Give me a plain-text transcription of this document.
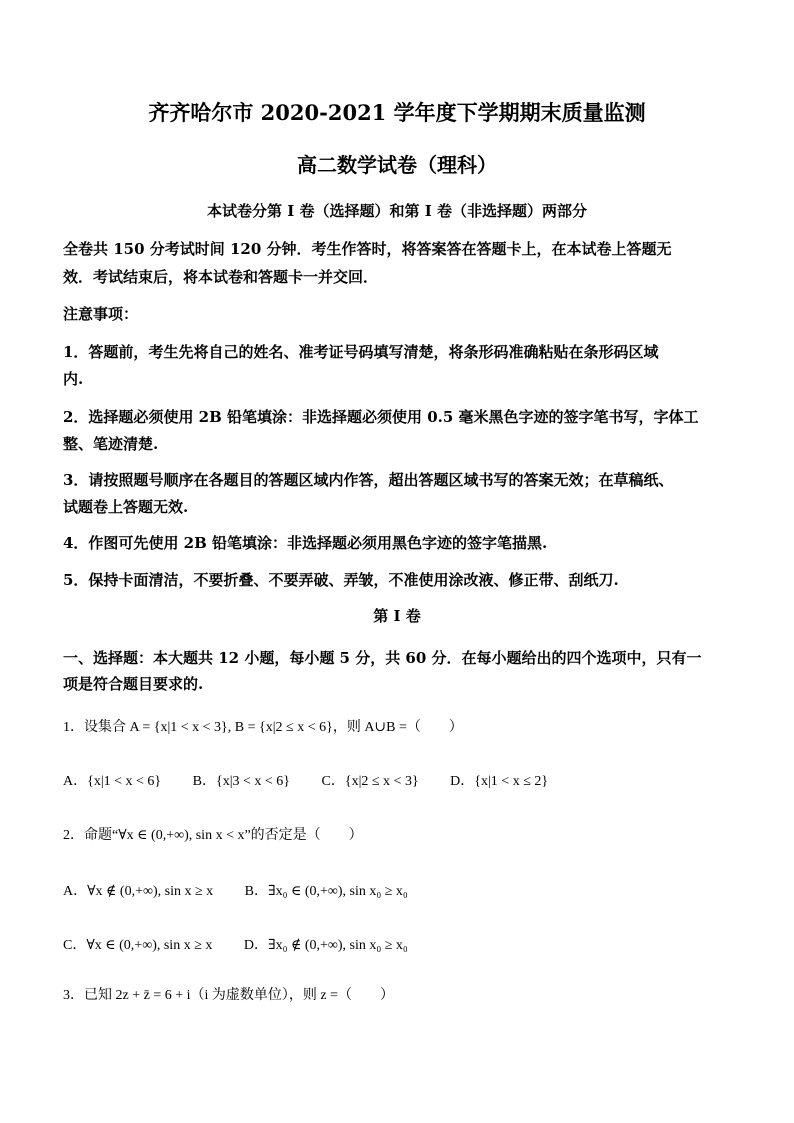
齐齐哈尔市 2020-2021 学年度下学期期末质量监测
高二数学试卷（理科）
本试卷分第 I 卷（选择题）和第 I 卷（非选择题）两部分
全卷共 150 分考试时间 120 分钟．考生作答时，将答案答在答题卡上，在本试卷上答题无
效．考试结束后，将本试卷和答题卡一并交回．
注意事项：
1．答题前，考生先将自己的姓名、准考证号码填写清楚，将条形码准确粘贴在条形码区域
内.
2．选择题必须使用 2B 铅笔填涂：非选择题必须使用 0.5 毫米黑色字迹的签字笔书写，字体工
整、笔迹清楚.
3．请按照题号顺序在各题目的答题区域内作答，超出答题区域书写的答案无效；在草稿纸、
试题卷上答题无效.
4．作图可先使用 2B 铅笔填涂：非选择题必须用黑色字迹的签字笔描黑.
5．保持卡面清洁，不要折叠、不要弄破、弄皱，不准使用涂改液、修正带、刮纸刀.
第 I 卷
一、选择题：本大题共 12 小题，每小题 5 分，共 60 分．在每小题给出的四个选项中，只有一
项是符合题目要求的.
1．设集合 A = {x|1 < x < 3}, B = {x|2 ≤ x < 6}，则 A∪B =（　　）
A．{x|1 < x < 6}　　 B．{x|3 < x < 6}　　 C．{x|2 ≤ x < 3}　　 D．{x|1 < x ≤ 2}
2．命题“∀x ∈ (0,+∞), sin x < x”的否定是（　　）
A．∀x ∉ (0,+∞), sin x ≥ x　　 B．∃x₀ ∈ (0,+∞), sin x₀ ≥ x₀
C．∀x ∈ (0,+∞), sin x ≥ x　　 D．∃x₀ ∉ (0,+∞), sin x₀ ≥ x₀
3．已知 2z + z̄ = 6 + i（i 为虚数单位），则 z =（　　）
